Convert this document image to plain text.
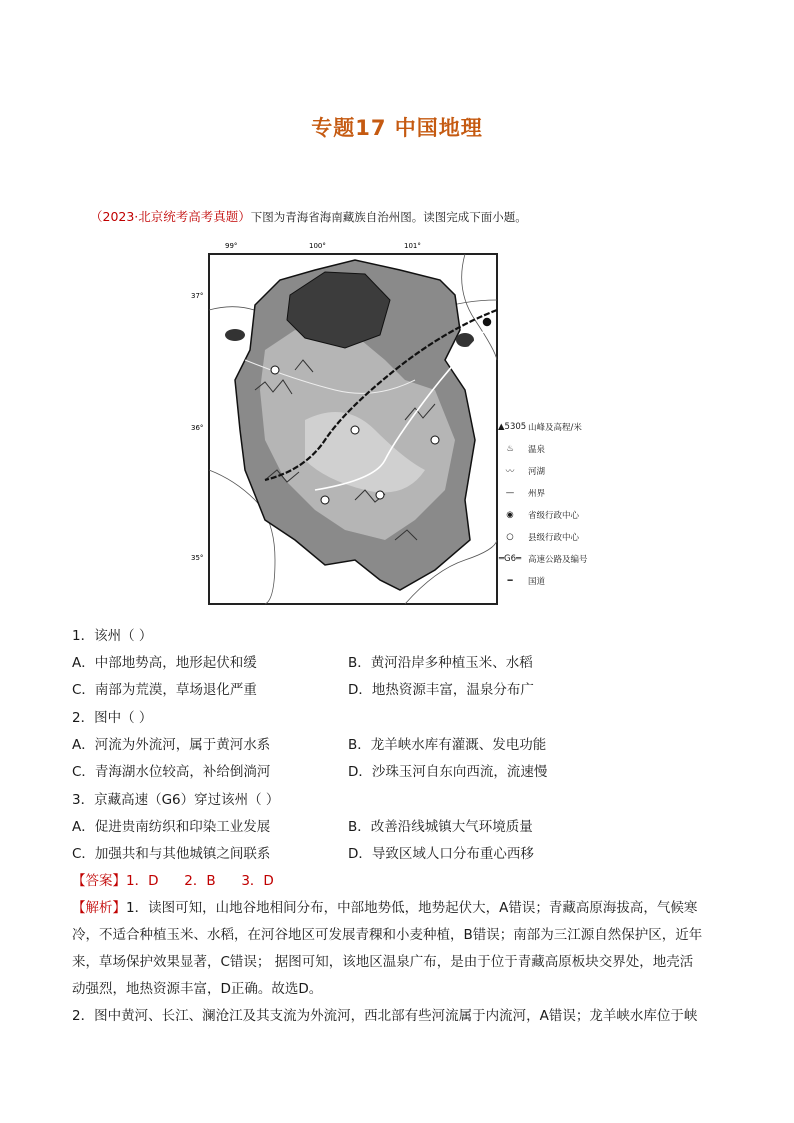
专题17 中国地理
（2023·北京统考高考真题）下图为青海省海南藏族自治州图。读图完成下面小题。
99°	100°	101°
37°
36°
35°
▲5305 山峰及高程/米
♨	温泉
〰	河湖
—	州界
◉	省级行政中心
○	县级行政中心
═G6═ 高速公路及编号
━	国道
1．该州（ ）
A．中部地势高，地形起伏和缓	B．黄河沿岸多种植玉米、水稻
C．南部为荒漠，草场退化严重	D．地热资源丰富，温泉分布广
2．图中（ ）
A．河流为外流河，属于黄河水系	B．龙羊峡水库有灌溉、发电功能
C．青海湖水位较高，补给倒淌河	D．沙珠玉河自东向西流，流速慢
3．京藏高速（G6）穿过该州（ ）
A．促进贵南纺织和印染工业发展	B．改善沿线城镇大气环境质量
C．加强共和与其他城镇之间联系	D．导致区域人口分布重心西移
【答案】1．D      2．B      3．D
【解析】1．读图可知，山地谷地相间分布，中部地势低，地势起伏大，A错误；青藏高原海拔高，气候寒
冷，不适合种植玉米、水稻，在河谷地区可发展青稞和小麦种植，B错误；南部为三江源自然保护区，近年
来，草场保护效果显著，C错误； 据图可知，该地区温泉广布，是由于位于青藏高原板块交界处，地壳活
动强烈，地热资源丰富，D正确。故选D。
2．图中黄河、长江、澜沧江及其支流为外流河，西北部有些河流属于内流河，A错误；龙羊峡水库位于峡
